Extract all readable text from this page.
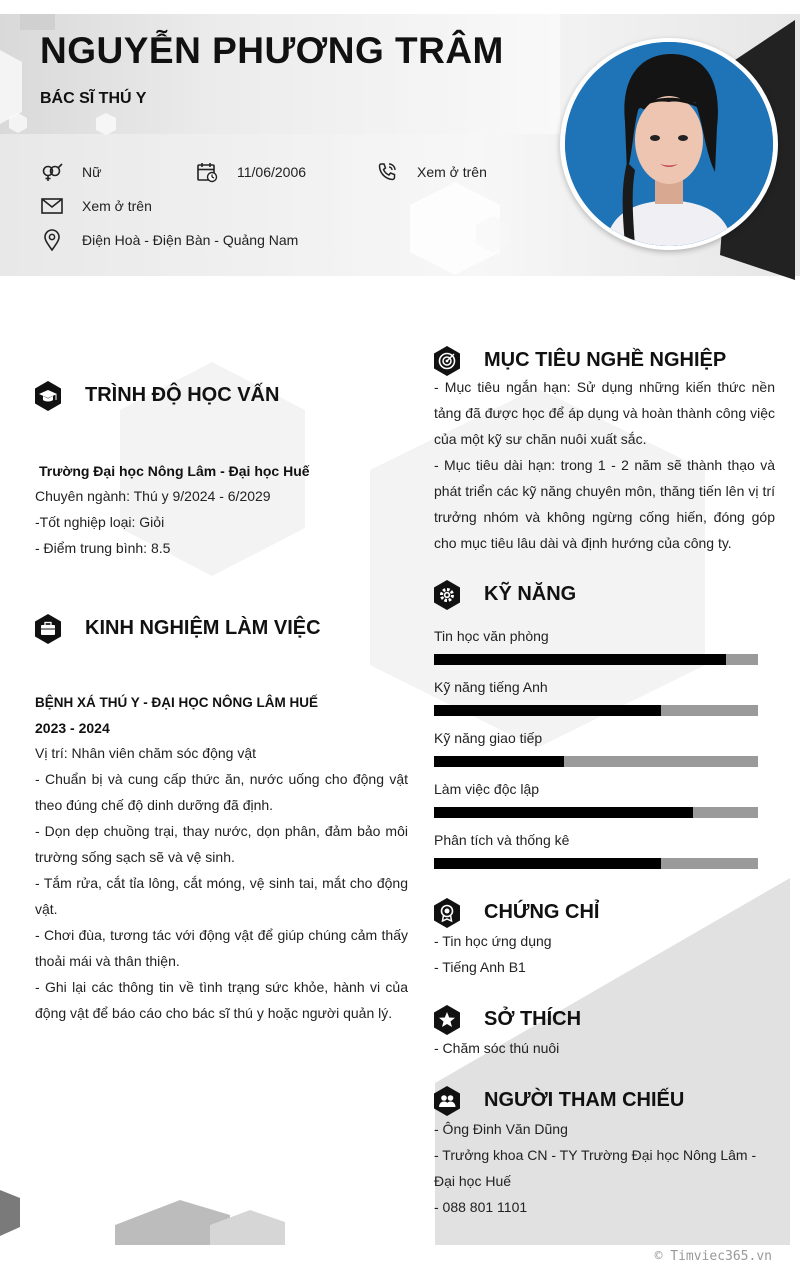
NGUYỄN PHƯƠNG TRÂM
BÁC SĨ THÚ Y
Nữ	11/06/2006	Xem ở trên
Xem ở trên
Điện Hoà - Điện Bàn - Quảng Nam
TRÌNH ĐỘ HỌC VẤN
Trường Đại học Nông Lâm - Đại học Huế
Chuyên ngành: Thú y 9/2024 - 6/2029
-Tốt nghiệp loại: Giỏi
- Điểm trung bình: 8.5
KINH NGHIỆM LÀM VIỆC
BỆNH XÁ THÚ Y - ĐẠI HỌC NÔNG LÂM HUẾ
2023 - 2024
Vị trí: Nhân viên chăm sóc động vật

- Chuẩn bị và cung cấp thức ăn, nước uống cho động vật theo đúng chế độ dinh dưỡng đã định.

- Dọn dẹp chuồng trại, thay nước, dọn phân, đảm bảo môi trường sống sạch sẽ và vệ sinh.

- Tắm rửa, cắt tỉa lông, cắt móng, vệ sinh tai, mắt cho động vật.

- Chơi đùa, tương tác với động vật để giúp chúng cảm thấy thoải mái và thân thiện.

- Ghi lại các thông tin về tình trạng sức khỏe, hành vi của động vật để báo cáo cho bác sĩ thú y hoặc người quản lý.

MỤC TIÊU NGHỀ NGHIỆP

- Mục tiêu ngắn hạn: Sử dụng những kiến thức nền tảng đã được học để áp dụng và hoàn thành công việc của một kỹ sư chăn nuôi xuất sắc.

- Mục tiêu dài hạn: trong 1 - 2 năm sẽ thành thạo và phát triển các kỹ năng chuyên môn, thăng tiến lên vị trí trưởng nhóm và không ngừng cống hiến, đóng góp cho mục tiêu lâu dài và định hướng của công ty.

KỸ NĂNG
Tin học văn phòng
Kỹ năng tiếng Anh
Kỹ năng giao tiếp
Làm việc độc lập
Phân tích và thống kê
CHỨNG CHỈ
- Tin học ứng dụng
- Tiếng Anh B1
SỞ THÍCH
- Chăm sóc thú nuôi
NGƯỜI THAM CHIẾU
- Ông Đinh Văn Dũng
- Trưởng khoa CN - TY Trường Đại học Nông Lâm - Đại học Huế
- 088 801 1101
© Timviec365.vn
